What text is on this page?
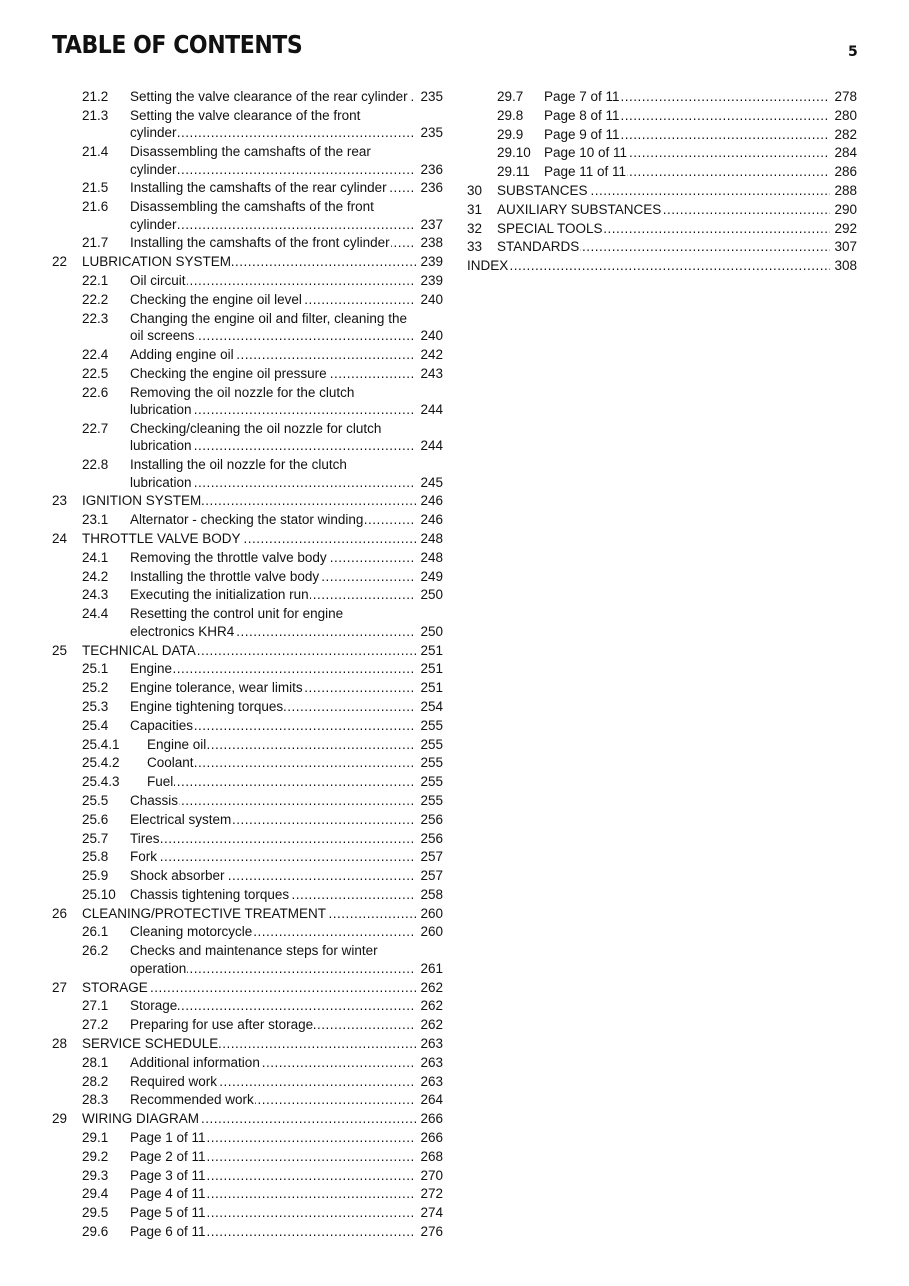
TABLE OF CONTENTS	5
21.2 Setting the valve clearance of the rear cylinder 235
.....
21.3 Setting the valve clearance of the front cylinder	235
.....
21.4 Disassembling the camshafts of the rear cylinder	236
.....
21.5 Installing the camshafts of the rear cylinder	236
.....
21.6 Disassembling the camshafts of the front cylinder	237
.....
21.7 Installing the camshafts of the front cylinder 238
.....
22 LUBRICATION SYSTEM	239
.....
22.1 Oil circuit	239
.....
22.2 Checking the engine oil level	240
.....
22.3 Changing the engine oil and filter, cleaning the oil screens	240
.....
22.4 Adding engine oil	242
.....
22.5 Checking the engine oil pressure	243
.....
22.6 Removing the oil nozzle for the clutch lubrication	244
.....
22.7 Checking/cleaning the oil nozzle for clutch lubrication	244
.....
22.8 Installing the oil nozzle for the clutch lubrication	245
.....
23 IGNITION SYSTEM	246
.....
23.1 Alternator - checking the stator winding	246
.....
24 THROTTLE VALVE BODY	248
.....
24.1 Removing the throttle valve body	248
.....
24.2 Installing the throttle valve body	249
.....
24.3 Executing the initialization run	250
.....
24.4 Resetting the control unit for engine electronics KHR4	250
.....
25 TECHNICAL DATA	251
.....
25.1 Engine	251
.....
25.2 Engine tolerance, wear limits	251
.....
25.3 Engine tightening torques	254
.....
25.4 Capacities	255
.....
25.4.1 Engine oil	255
.....
25.4.2 Coolant	255
.....
25.4.3 Fuel	255
.....
25.5 Chassis	255
.....
25.6 Electrical system	256
.....
25.7 Tires	256
.....
25.8 Fork	257
.....
25.9 Shock absorber	257
.....
25.10 Chassis tightening torques	258
.....
26 CLEANING/PROTECTIVE TREATMENT	260
.....
26.1 Cleaning motorcycle	260
.....
26.2 Checks and maintenance steps for winter operation	261
.....
27 STORAGE	262
.....
27.1 Storage	262
.....
27.2 Preparing for use after storage	262
.....
28 SERVICE SCHEDULE	263
.....
28.1 Additional information	263
.....
28.2 Required work	263
.....
28.3 Recommended work	264
.....
29 WIRING DIAGRAM	266
.....
29.1 Page 1 of 11	266
.....
29.2 Page 2 of 11	268
.....
29.3 Page 3 of 11	270
.....
29.4 Page 4 of 11	272
.....
29.5 Page 5 of 11	274
.....
29.6 Page 6 of 11	276
.....
29.7 Page 7 of 11	278
.....
29.8 Page 8 of 11	280
.....
29.9 Page 9 of 11	282
.....
29.10 Page 10 of 11	284
.....
29.11 Page 11 of 11	286
.....
30 SUBSTANCES	288
.....
31 AUXILIARY SUBSTANCES	290
.....
32 SPECIAL TOOLS	292
.....
33 STANDARDS	307
.....
INDEX	308
.....
